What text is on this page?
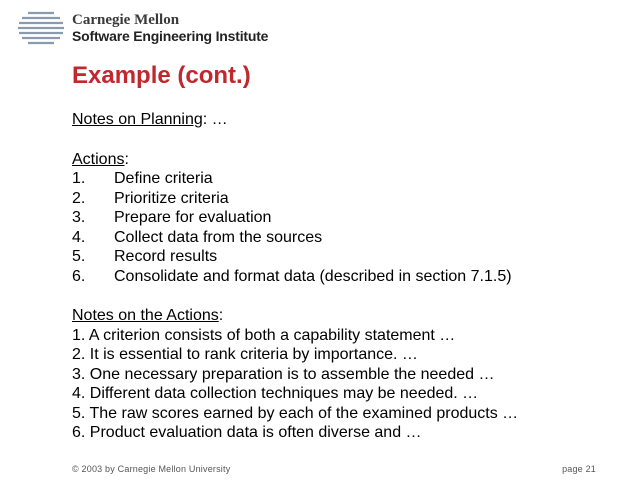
Carnegie Mellon
Software Engineering Institute
Example (cont.)

Notes on Planning: …

Actions:

1. Define criteria
2. Prioritize criteria
3. Prepare for evaluation
4. Collect data from the sources
5. Record results
6. Consolidate and format data (described in section 7.1.5)

Notes on the Actions:

1. A criterion consists of both a capability statement …
2. It is essential to rank criteria by importance. …
3. One necessary preparation is to assemble the needed …
4. Different data collection techniques may be needed. …
5. The raw scores earned by each of the examined products …
6. Product evaluation data is often diverse and …
© 2003 by Carnegie Mellon University	page 21
